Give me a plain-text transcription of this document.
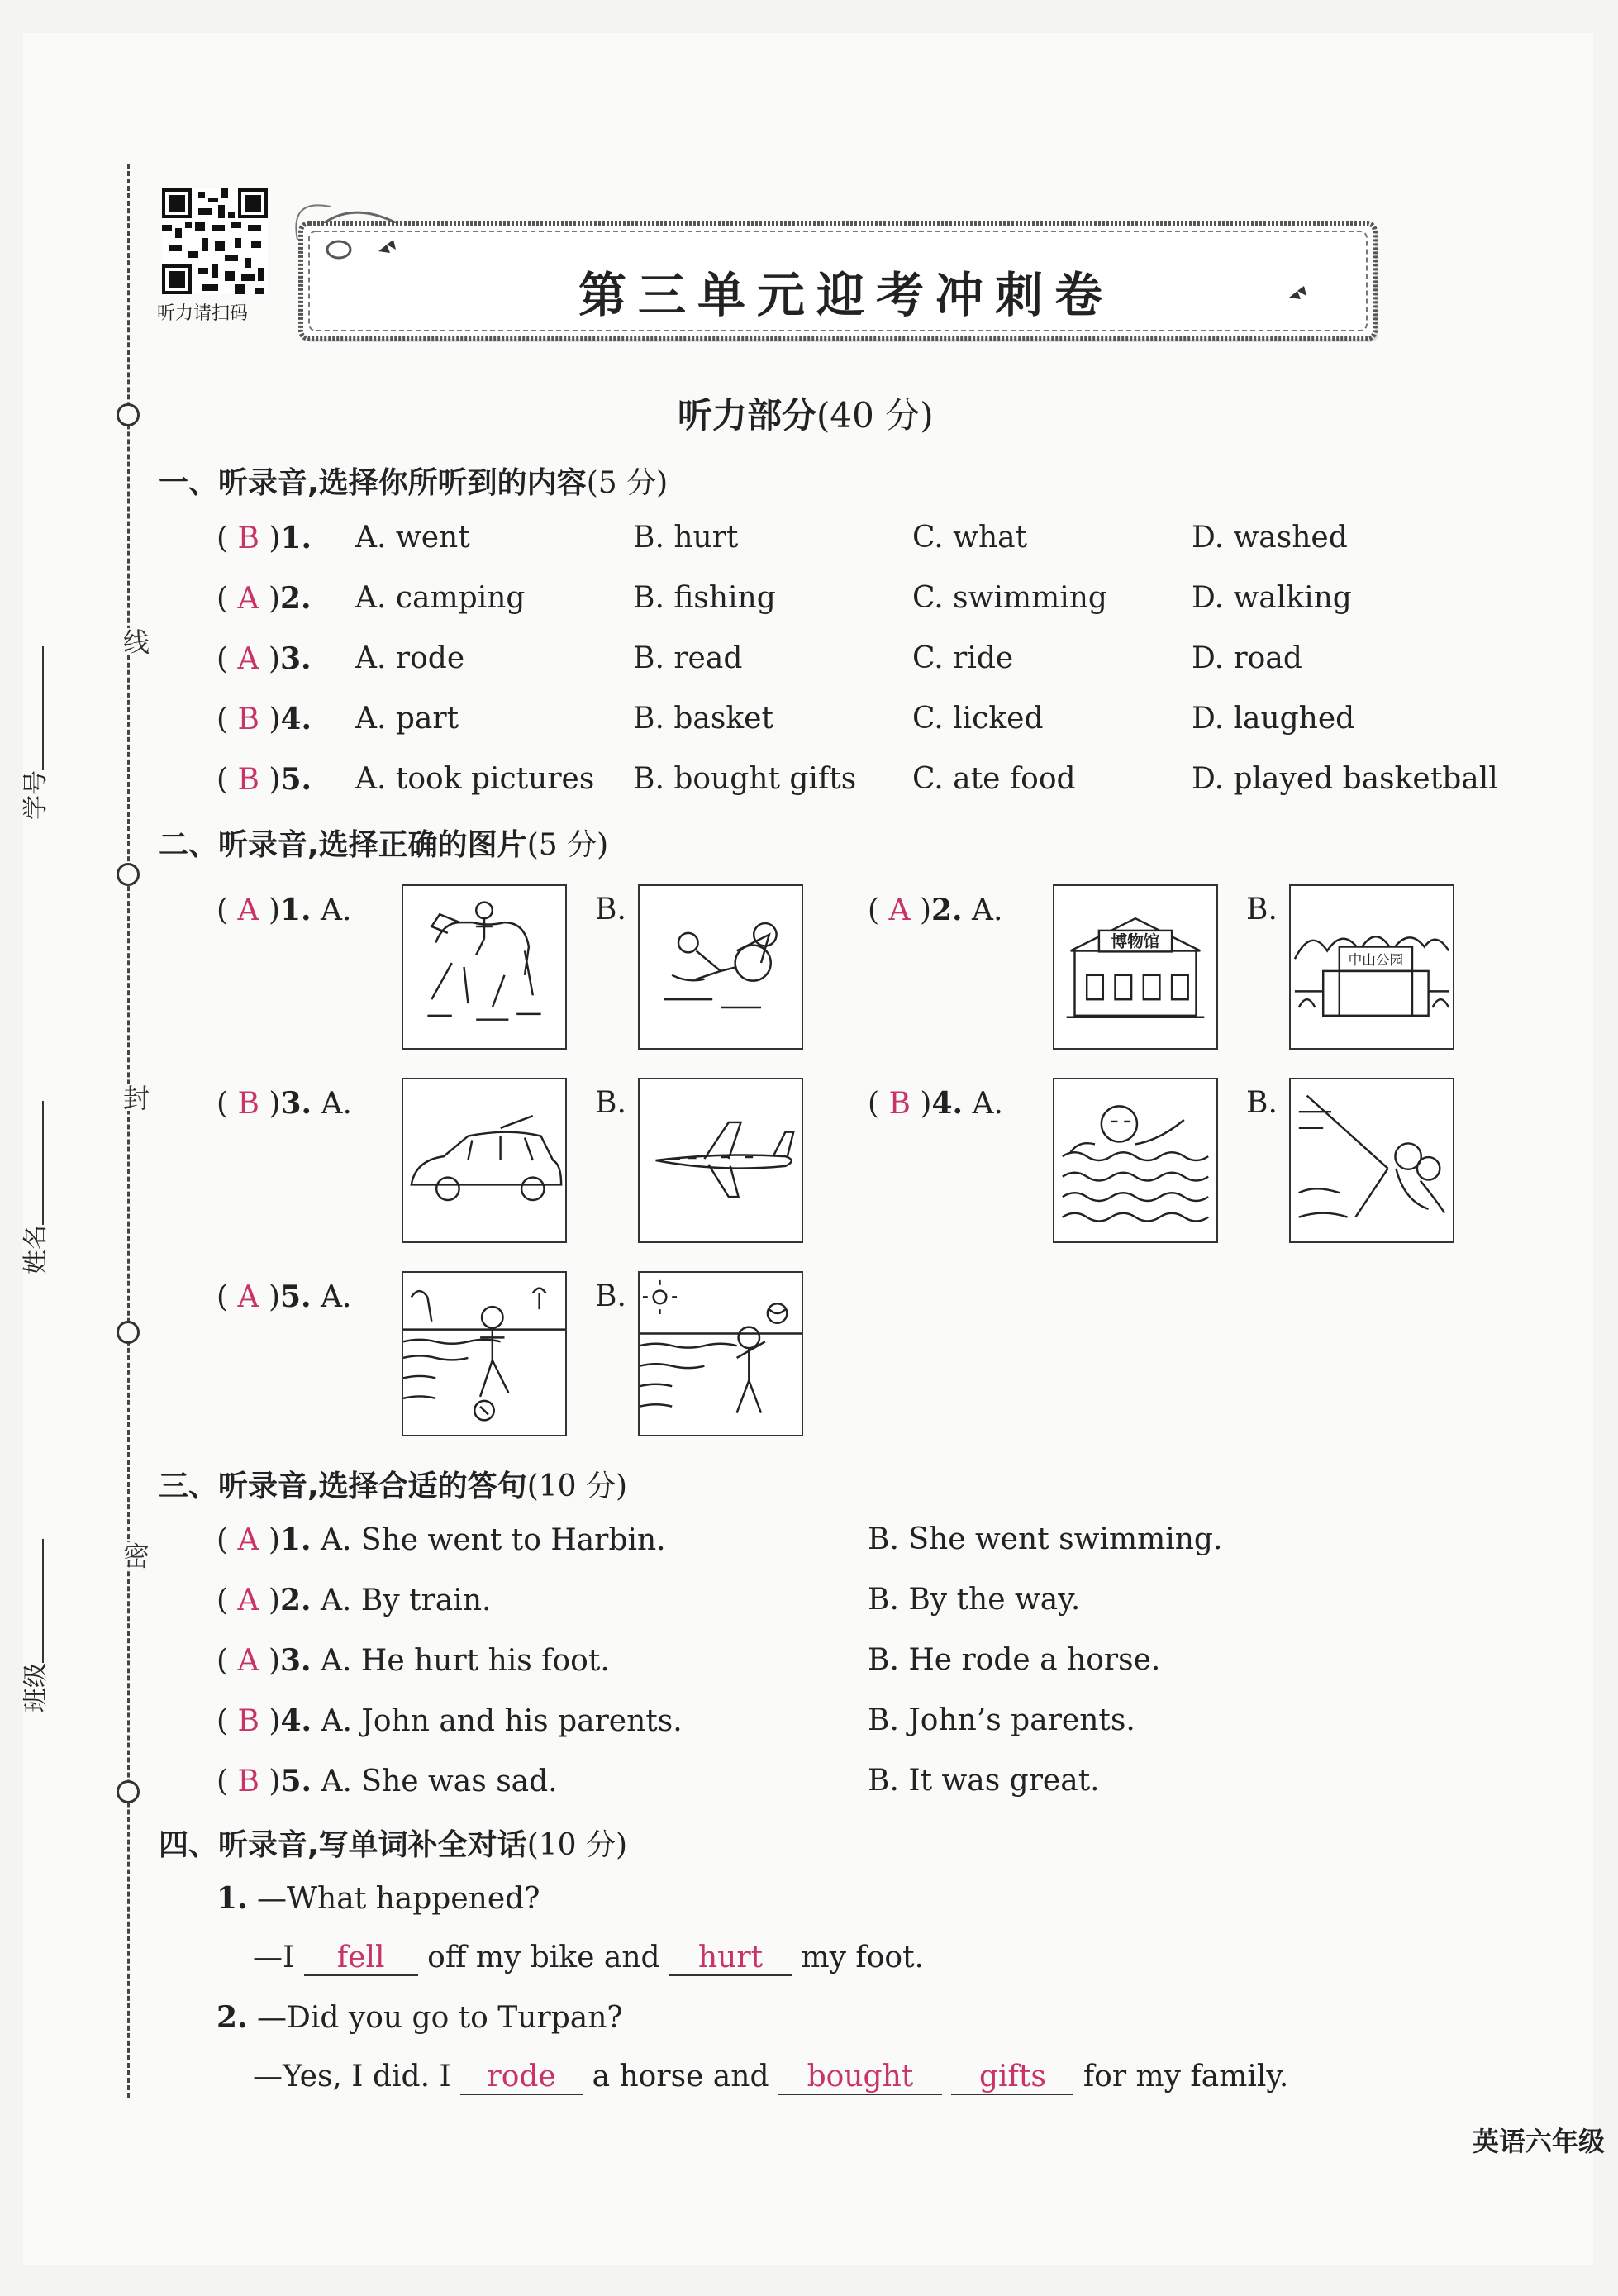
听力请扫码
线
封
密
学号
姓名
班级
第三单元迎考冲刺卷
听力部分(40 分)
一、听录音,选择你所听到的内容(5 分)
( B )1. A. went	B. hurt	C. what	D. washed
( A )2. A. camping	B. fishing	C. swimming	D. walking
( A )3. A. rode	B. read	C. ride	D. road
( B )4. A. part	B. basket	C. licked	D. laughed
( B )5. A. took pictures B. bought gifts C. ate food	D. played basketball
二、听录音,选择正确的图片(5 分)
( A )1. A.	B.	( A )2. A.	B.
博物馆
中山公园
( B )3. A.	B.	( B )4. A.	B.
( A )5. A.	B.
三、听录音,选择合适的答句(10 分)
( A )1. A. She went to Harbin.	B. She went swimming.
( A )2. A. By train.	B. By the way.
( A )3. A. He hurt his foot.	B. He rode a horse.
( B )4. A. John and his parents.	B. John’s parents.
( B )5. A. She was sad.	B. It was great.
四、听录音,写单词补全对话(10 分)
1. —What happened?
—I fell off my bike and hurt my foot.
2. —Did you go to Turpan?
—Yes, I did. I rode a horse and bought gifts for my family.
英语六年级
